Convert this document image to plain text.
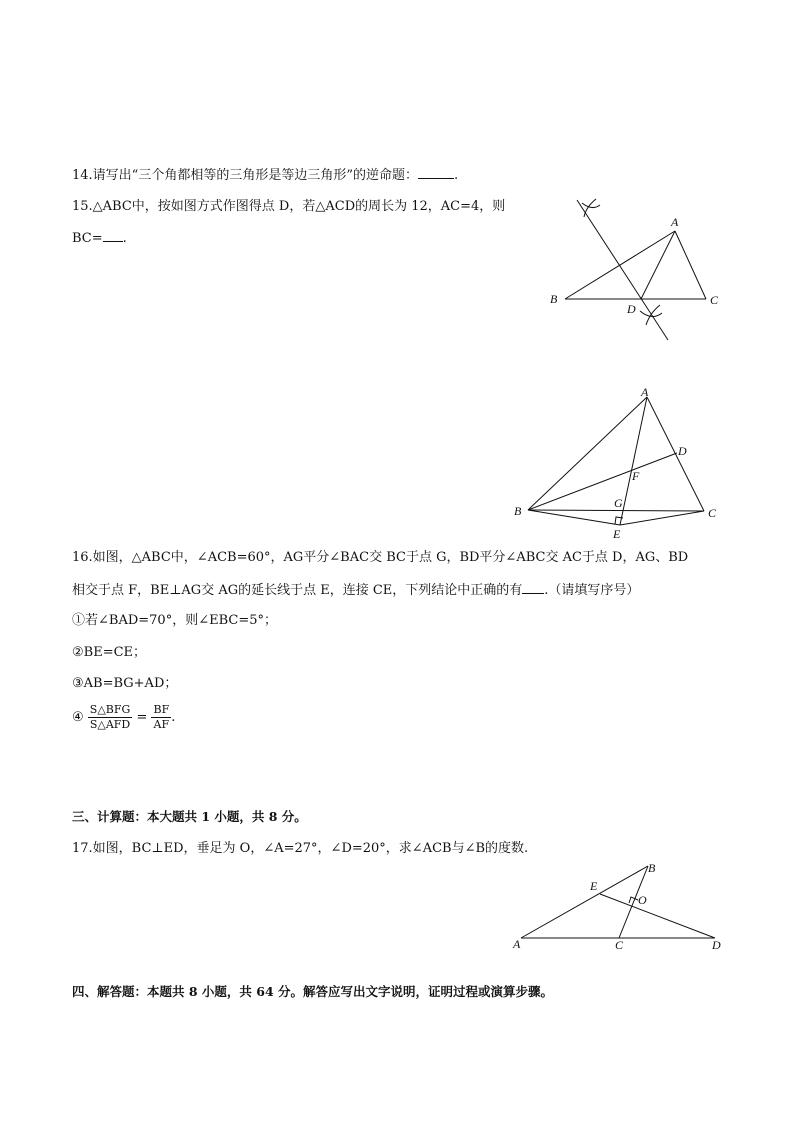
14.请写出“三个角都相等的三角形是等边三角形”的逆命题：	.
15.△ABC中，按如图方式作图得点 D，若△ACD的周长为 12，AC=4，则
BC= .
A
B	C
D
A
B	C
D
F
G
E
16.如图，△ABC中，∠ACB=60°，AG平分∠BAC交 BC于点 G，BD平分∠ABC交 AC于点 D，AG、BD
相交于点 F，BE⊥AG交 AG的延长线于点 E，连接 CE，下列结论中正确的有 .（请填写序号）
①若∠BAD=70°，则∠EBC=5°；
②BE=CE；
③AB=BG+AD；
④ $\frac{\text{S△BFG}}{\text{S△AFD}} = \frac{BF}{AF}$ .
三、计算题：本大题共 1 小题，共 8 分。
17.如图，BC⊥ED，垂足为 O，∠A=27°，∠D=20°，求∠ACB与∠B的度数.
A
B
C	D
E
O
四、解答题：本题共 8 小题，共 64 分。解答应写出文字说明，证明过程或演算步骤。
